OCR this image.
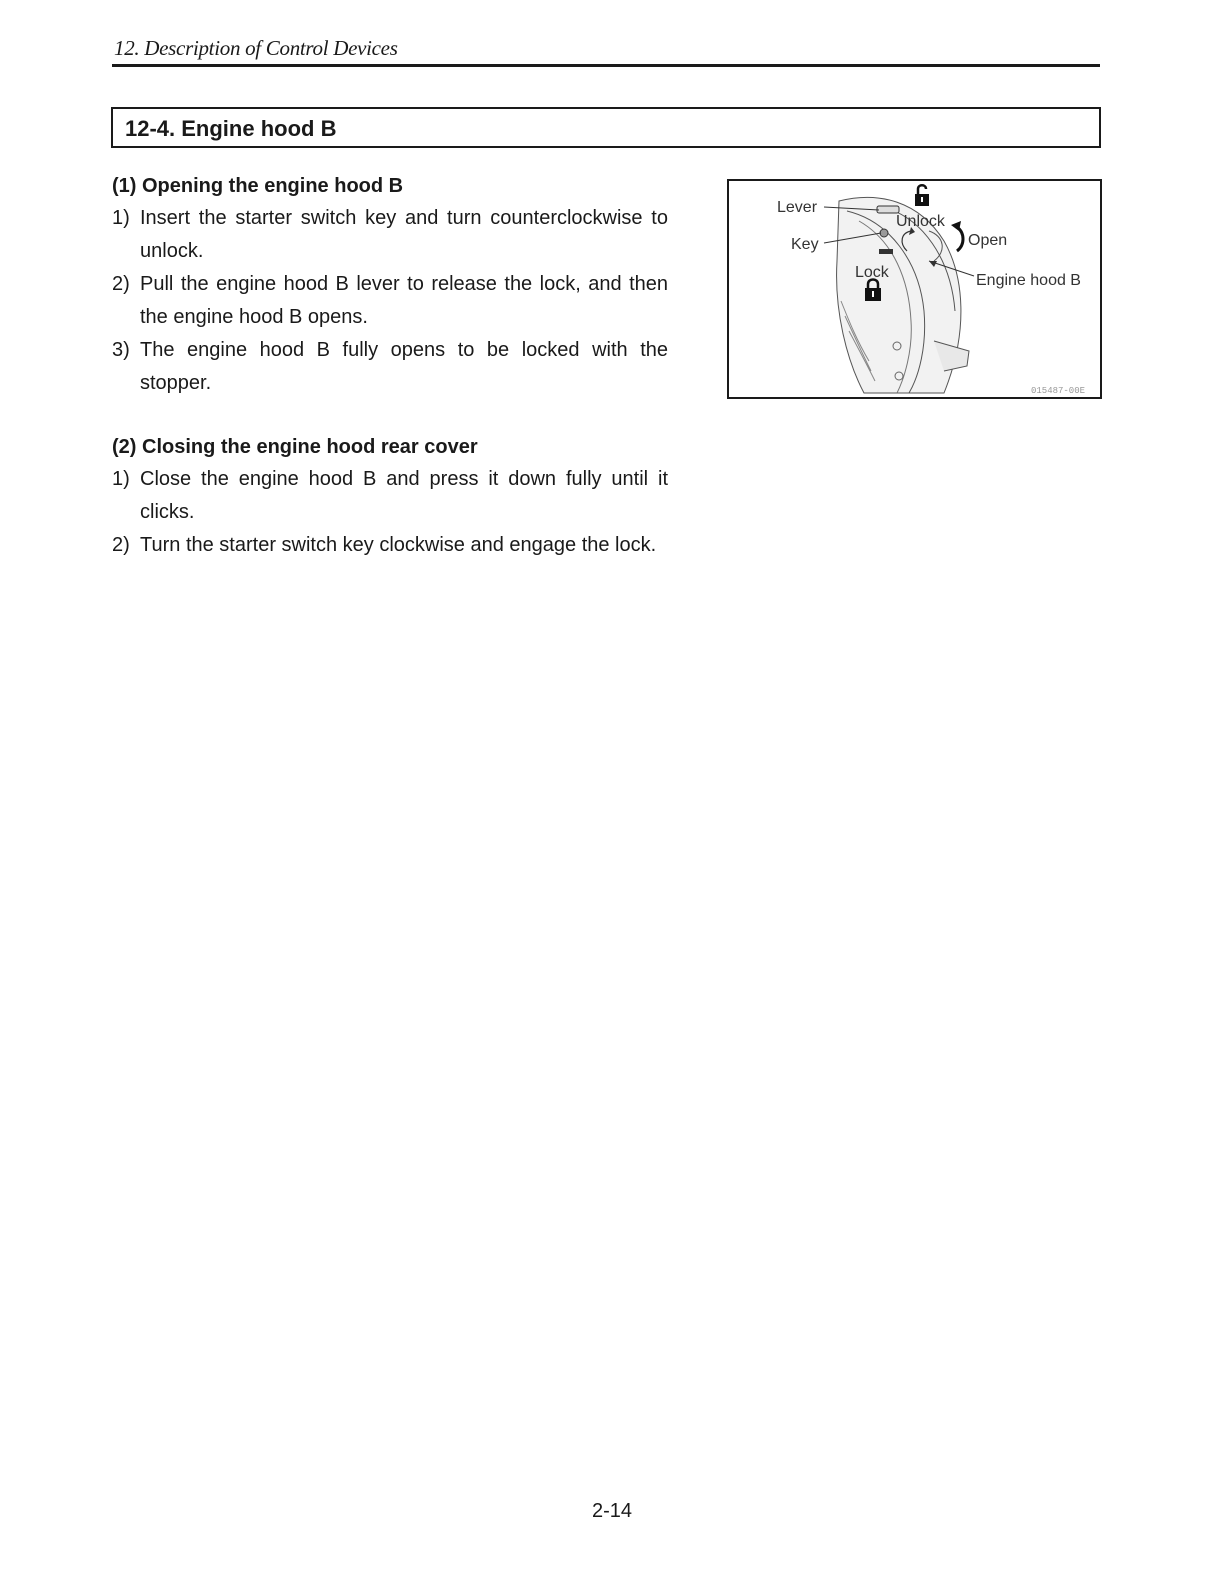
12. Description of Control Devices
12-4. Engine hood B

(1) Opening the engine hood B

1) Insert the starter switch key and turn counterclockwise to unlock.

2) Pull the engine hood B lever to release the lock, and then the engine hood B opens.

3) The engine hood B fully opens to be locked with the stopper.

(2) Closing the engine hood rear cover

1) Close the engine hood B and press it down fully until it clicks.

2) Turn the starter switch key clockwise and engage the lock.

Lever
Key
Unlock
Open
Lock	Engine hood B
015487-00E
2-14
